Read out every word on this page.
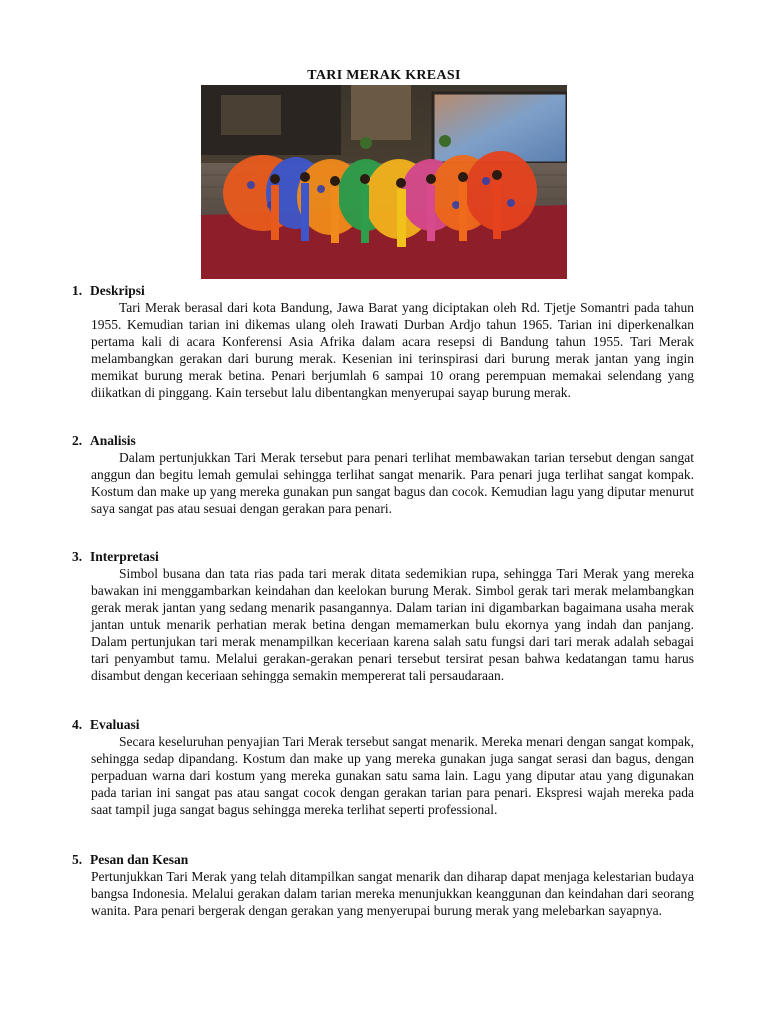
TARI MERAK KREASI
1. Deskripsi
Tari Merak berasal dari kota Bandung, Jawa Barat yang diciptakan oleh Rd. Tjetje Somantri pada tahun 1955. Kemudian tarian ini dikemas ulang oleh Irawati Durban Ardjo tahun 1965. Tarian ini diperkenalkan pertama kali di acara Konferensi Asia Afrika dalam acara resepsi di Bandung tahun 1955. Tari Merak melambangkan gerakan dari burung merak. Kesenian ini terinspirasi dari burung merak jantan yang ingin memikat burung merak betina. Penari berjumlah 6 sampai 10 orang perempuan memakai selendang yang diikatkan di pinggang. Kain tersebut lalu dibentangkan menyerupai sayap burung merak.
2. Analisis
Dalam pertunjukkan Tari Merak tersebut para penari terlihat membawakan tarian tersebut dengan sangat anggun dan begitu lemah gemulai sehingga terlihat sangat menarik. Para penari juga terlihat sangat kompak. Kostum dan make up yang mereka gunakan pun sangat bagus dan cocok. Kemudian lagu yang diputar menurut saya sangat pas atau sesuai dengan gerakan para penari.
3. Interpretasi
Simbol busana dan tata rias pada tari merak ditata sedemikian rupa, sehingga Tari Merak yang mereka bawakan ini menggambarkan keindahan dan keelokan burung Merak. Simbol gerak tari merak melambangkan gerak merak jantan yang sedang menarik pasangannya. Dalam tarian ini digambarkan bagaimana usaha merak jantan untuk menarik perhatian merak betina dengan memamerkan bulu ekornya yang indah dan panjang. Dalam pertunjukan tari merak menampilkan keceriaan karena salah satu fungsi dari tari merak adalah sebagai tari penyambut tamu. Melalui gerakan-gerakan penari tersebut tersirat pesan bahwa kedatangan tamu harus disambut dengan keceriaan sehingga semakin mempererat tali persaudaraan.
4. Evaluasi
Secara keseluruhan penyajian Tari Merak tersebut sangat menarik. Mereka menari dengan sangat kompak, sehingga sedap dipandang. Kostum dan make up yang mereka gunakan juga sangat serasi dan bagus, dengan perpaduan warna dari kostum yang mereka gunakan satu sama lain. Lagu yang diputar atau yang digunakan pada tarian ini sangat pas atau sangat cocok dengan gerakan tarian para penari. Ekspresi wajah mereka pada saat tampil juga sangat bagus sehingga mereka terlihat seperti professional.
5. Pesan dan Kesan
Pertunjukkan Tari Merak yang telah ditampilkan sangat menarik dan diharap dapat menjaga kelestarian budaya bangsa Indonesia. Melalui gerakan dalam tarian mereka menunjukkan keanggunan dan keindahan dari seorang wanita. Para penari bergerak dengan gerakan yang menyerupai burung merak yang melebarkan sayapnya.
